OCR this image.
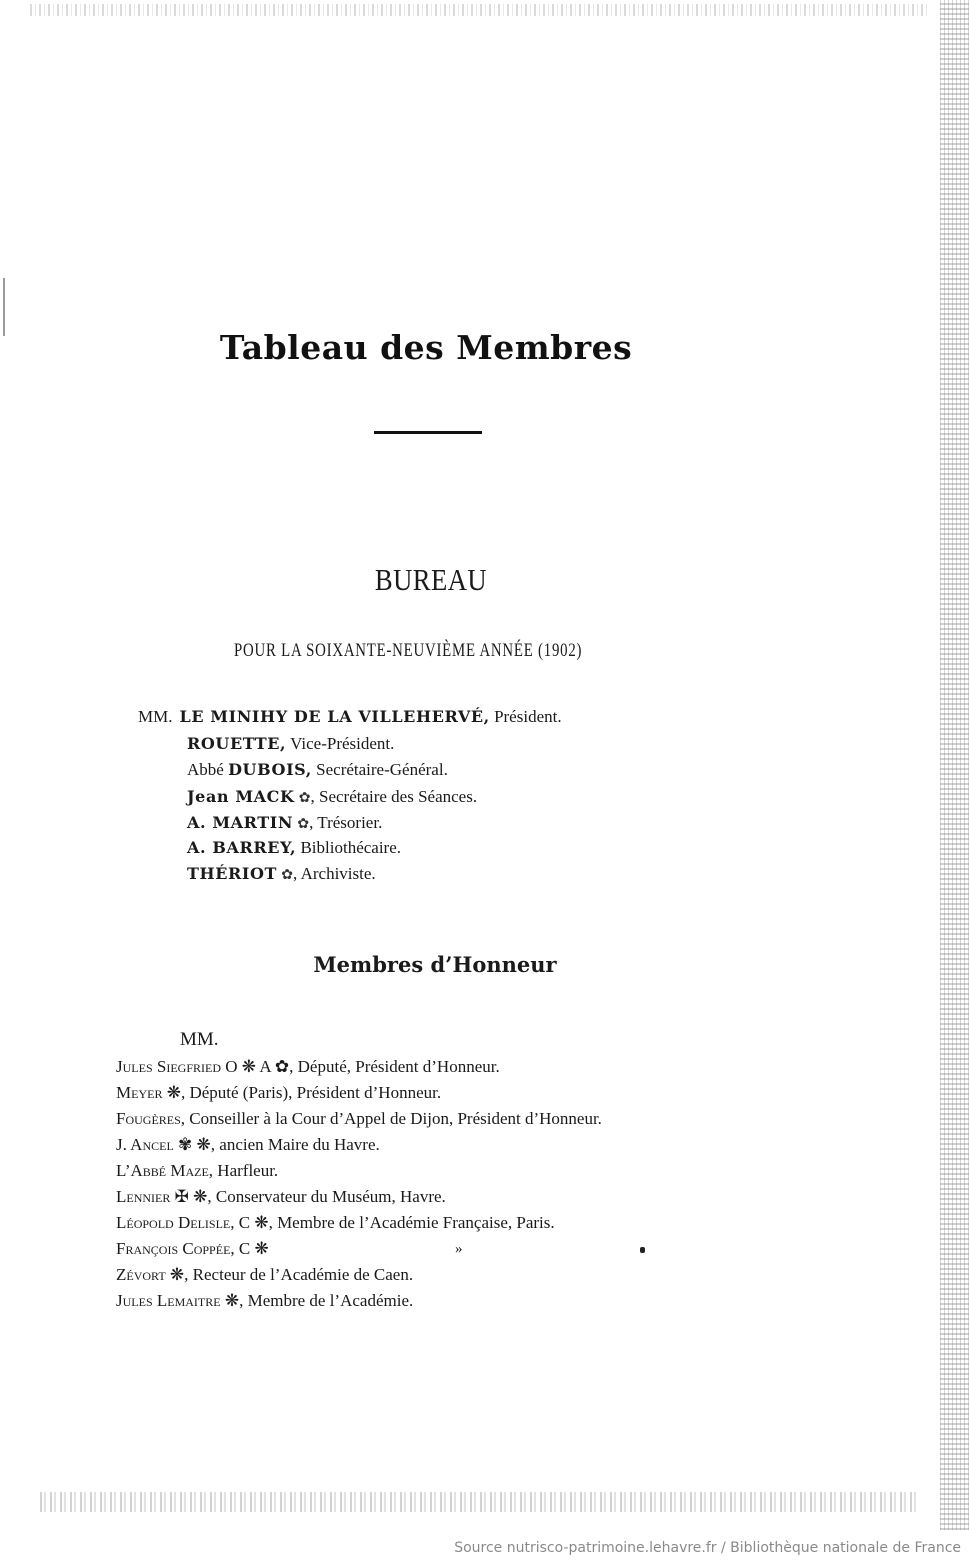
Tableau des Membres
BUREAU
POUR LA SOIXANTE-NEUVIÈME ANNÉE (1902)
MM. LE MINIHY DE LA VILLEHERVÉ, Président.
ROUETTE, Vice-Président.
Abbé DUBOIS, Secrétaire-Général.
Jean MACK ✿, Secrétaire des Séances.
A. MARTIN ✿, Trésorier.
A. BARREY, Bibliothécaire.
THÉRIOT ✿, Archiviste.
Membres d’Honneur
MM.
Jules Siegfried O ❋ A ✿, Député, Président d’Honneur.
Meyer ❋, Député (Paris), Président d’Honneur.
Fougères, Conseiller à la Cour d’Appel de Dijon, Président d’Honneur.
J. Ancel ✾ ❋, ancien Maire du Havre.
L’Abbé Maze, Harfleur.
Lennier ✠ ❋, Conservateur du Muséum, Havre.
Léopold Delisle, C ❋, Membre de l’Académie Française, Paris.
François Coppée, C ❋	»
Zévort ❋, Recteur de l’Académie de Caen.
Jules Lemaitre ❋, Membre de l’Académie.
Source nutrisco-patrimoine.lehavre.fr / Bibliothèque nationale de France
